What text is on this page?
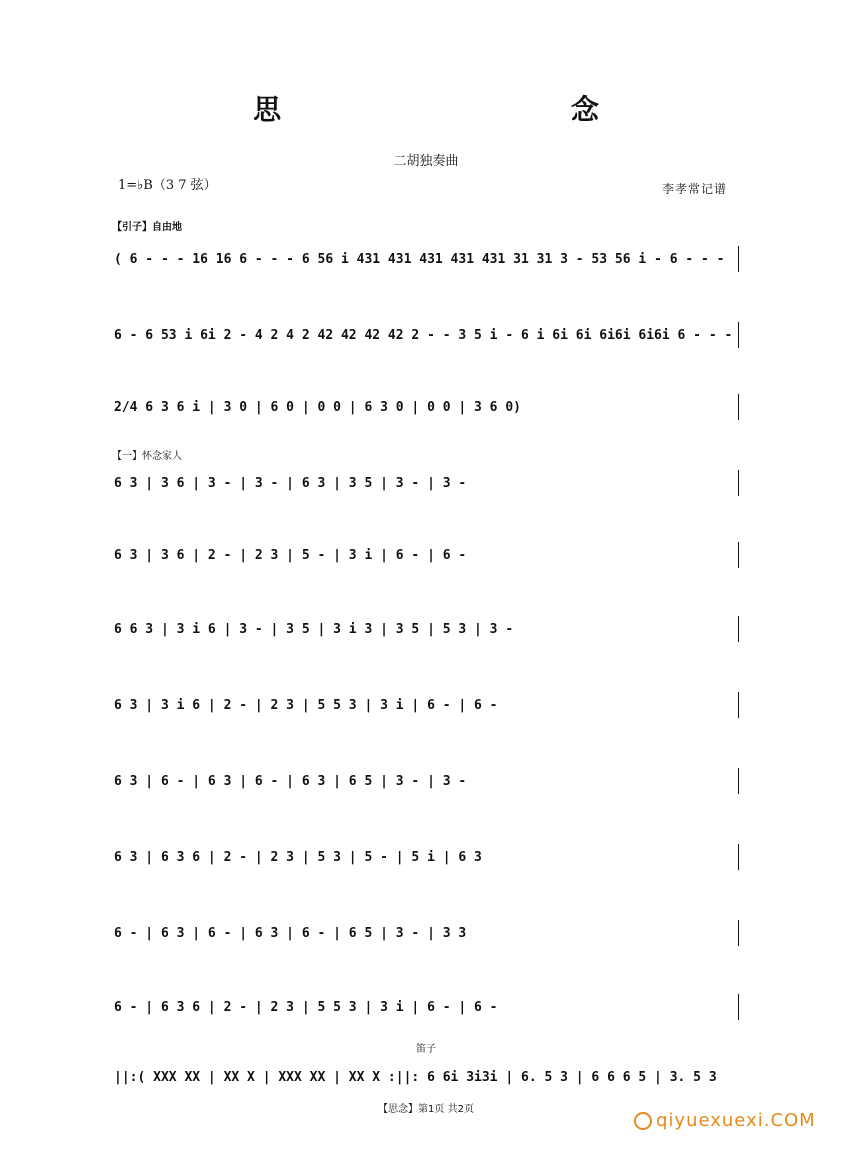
思 念
二胡独奏曲
1=♭B（3 7 弦）	李孝常记谱
【引子】自由地
( 6 - - - 16 16 6 - - - 6 56 i 431 431 431 431 431 31 31 3 - 53 56 i - 6 - - -
6 - 6 53 i 6i 2 - 4 2 4 2 42 42 42 42 2 - - 3 5 i - 6 i 6i 6i 6i6i 6i6i 6 - - -
2/4 6 3 6 i | 3 0 | 6 0 | 0 0 | 6 3 0 | 0 0 | 3 6 0)
【一】怀念家人
6 3 | 3 6 | 3 - | 3 - | 6 3 | 3 5 | 3 - | 3 -
6 3 | 3 6 | 2 - | 2 3 | 5 - | 3 i | 6 - | 6 -
6 6 3 | 3 i 6 | 3 - | 3 5 | 3 i 3 | 3 5 | 5 3 | 3 -
6 3 | 3 i 6 | 2 - | 2 3 | 5 5 3 | 3 i | 6 - | 6 -
6 3 | 6 - | 6 3 | 6 - | 6 3 | 6 5 | 3 - | 3 -
6 3 | 6 3 6 | 2 - | 2 3 | 5 3 | 5 - | 5 i | 6 3
6 - | 6 3 | 6 - | 6 3 | 6 - | 6 5 | 3 - | 3 3
6 - | 6 3 6 | 2 - | 2 3 | 5 5 3 | 3 i | 6 - | 6 -
笛子
||:( XXX XX | XX X | XXX XX | XX X :||: 6 6i 3i3i | 6. 5 3 | 6 6 6 5 | 3. 5 3
【思念】第1页 共2页
qiyuexuexi.COM
